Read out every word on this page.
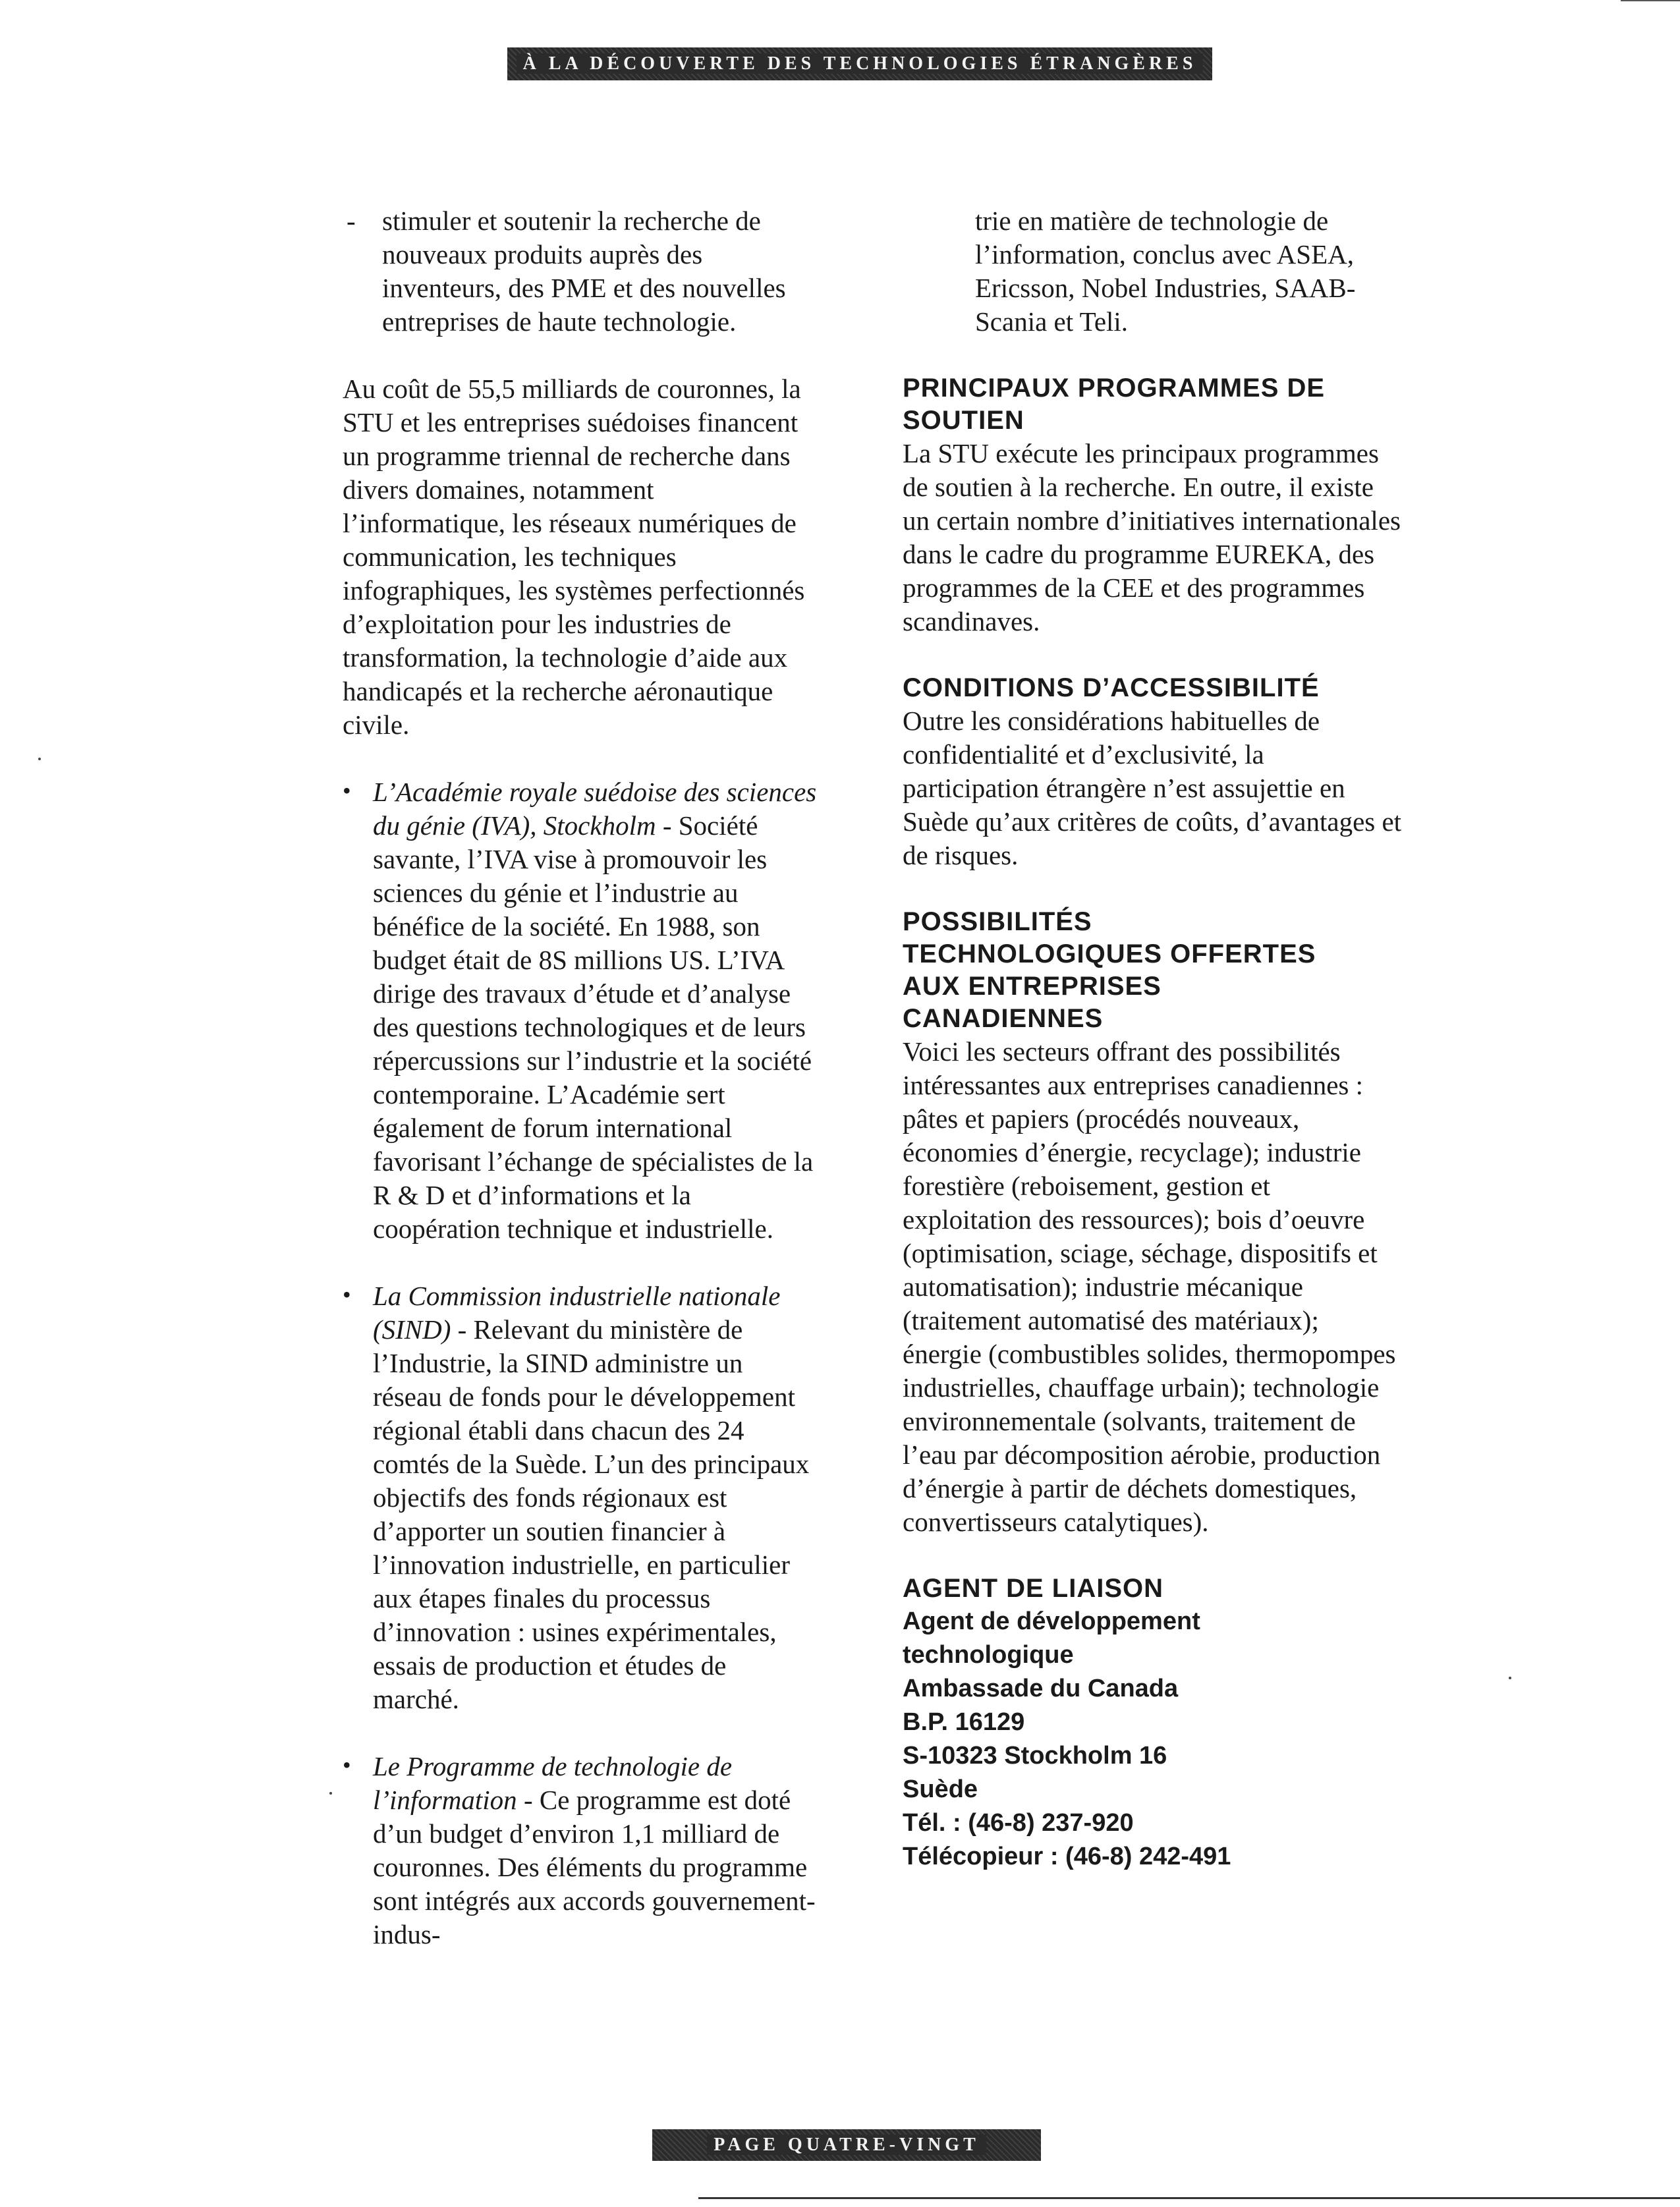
À LA DÉCOUVERTE DES TECHNOLOGIES ÉTRANGÈRES
- stimuler et soutenir la recherche de nouveaux produits auprès des inventeurs, des PME et des nouvelles entreprises de haute technologie.

Au coût de 55,5 milliards de couronnes, la STU et les entreprises suédoises financent un programme triennal de recherche dans divers domaines, notamment l’informatique, les réseaux numériques de communication, les techniques infographiques, les systèmes perfectionnés d’exploitation pour les industries de transformation, la technologie d’aide aux handicapés et la recherche aéronautique civile.

• L’Académie royale suédoise des sciences du génie (IVA), Stockholm - Société savante, l’IVA vise à promouvoir les sciences du génie et l’industrie au bénéfice de la société. En 1988, son budget était de 8S millions US. L’IVA dirige des travaux d’étude et d’analyse des questions technologiques et de leurs répercussions sur l’industrie et la société contemporaine. L’Académie sert également de forum international favorisant l’échange de spécialistes de la R & D et d’informations et la coopération technique et industrielle.
• La Commission industrielle nationale (SIND) - Relevant du ministère de l’Industrie, la SIND administre un réseau de fonds pour le développement régional établi dans chacun des 24 comtés de la Suède. L’un des principaux objectifs des fonds régionaux est d’apporter un soutien financier à l’innovation industrielle, en particulier aux étapes finales du processus d’innovation : usines expérimentales, essais de production et études de marché.
• Le Programme de technologie de l’information - Ce programme est doté d’un budget d’environ 1,1 milliard de couronnes. Des éléments du programme sont intégrés aux accords gouvernement-indus-

trie en matière de technologie de l’information, conclus avec ASEA, Ericsson, Nobel Industries, SAAB-Scania et Teli.

PRINCIPAUX PROGRAMMES DE SOUTIEN

La STU exécute les principaux programmes de soutien à la recherche. En outre, il existe un certain nombre d’initiatives internationales dans le cadre du programme EUREKA, des programmes de la CEE et des programmes scandinaves.

CONDITIONS D’ACCESSIBILITÉ

Outre les considérations habituelles de confidentialité et d’exclusivité, la participation étrangère n’est assujettie en Suède qu’aux critères de coûts, d’avantages et de risques.

POSSIBILITÉS TECHNOLOGIQUES OFFERTES AUX ENTREPRISES CANADIENNES

Voici les secteurs offrant des possibilités intéressantes aux entreprises canadiennes : pâtes et papiers (procédés nouveaux, économies d’énergie, recyclage); industrie forestière (reboisement, gestion et exploitation des ressources); bois d’oeuvre (optimisation, sciage, séchage, dispositifs et automatisation); industrie mécanique (traitement automatisé des matériaux); énergie (combustibles solides, thermopompes industrielles, chauffage urbain); technologie environnementale (solvants, traitement de l’eau par décomposition aérobie, production d’énergie à partir de déchets domestiques, convertisseurs catalytiques).

AGENT DE LIAISON

Agent de développement

technologique

Ambassade du Canada

B.P. 16129

S-10323 Stockholm 16

Suède

Tél. : (46-8) 237-920

Télécopieur : (46-8) 242-491

PAGE QUATRE-VINGT
